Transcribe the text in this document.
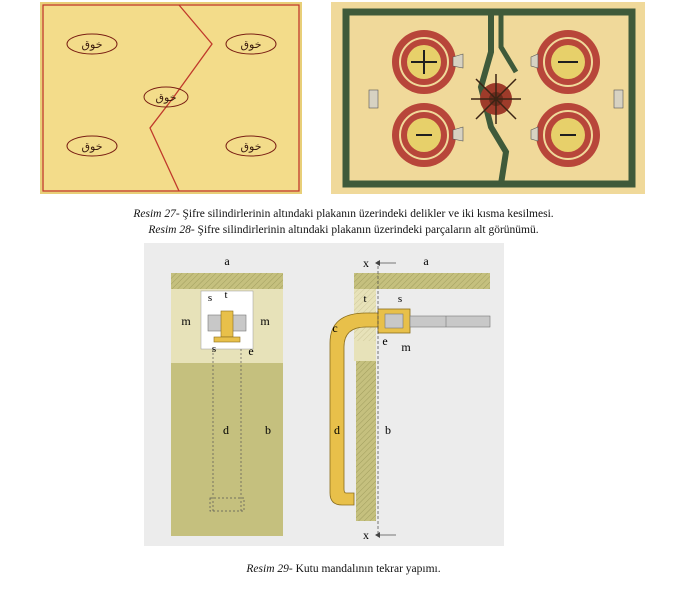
خوق	خوق
خوق
خوق	خوق
a
s t
m	m
s	e
d	b
x	a
t	s
c
e m
d	b
x
Resim 27- Şifre silindirlerinin altındaki plakanın üzerindeki delikler ve iki kısma kesilmesi.
Resim 28- Şifre silindirlerinin altındaki plakanın üzerindeki parçaların alt görünümü.
Resim 29- Kutu mandalının tekrar yapımı.
